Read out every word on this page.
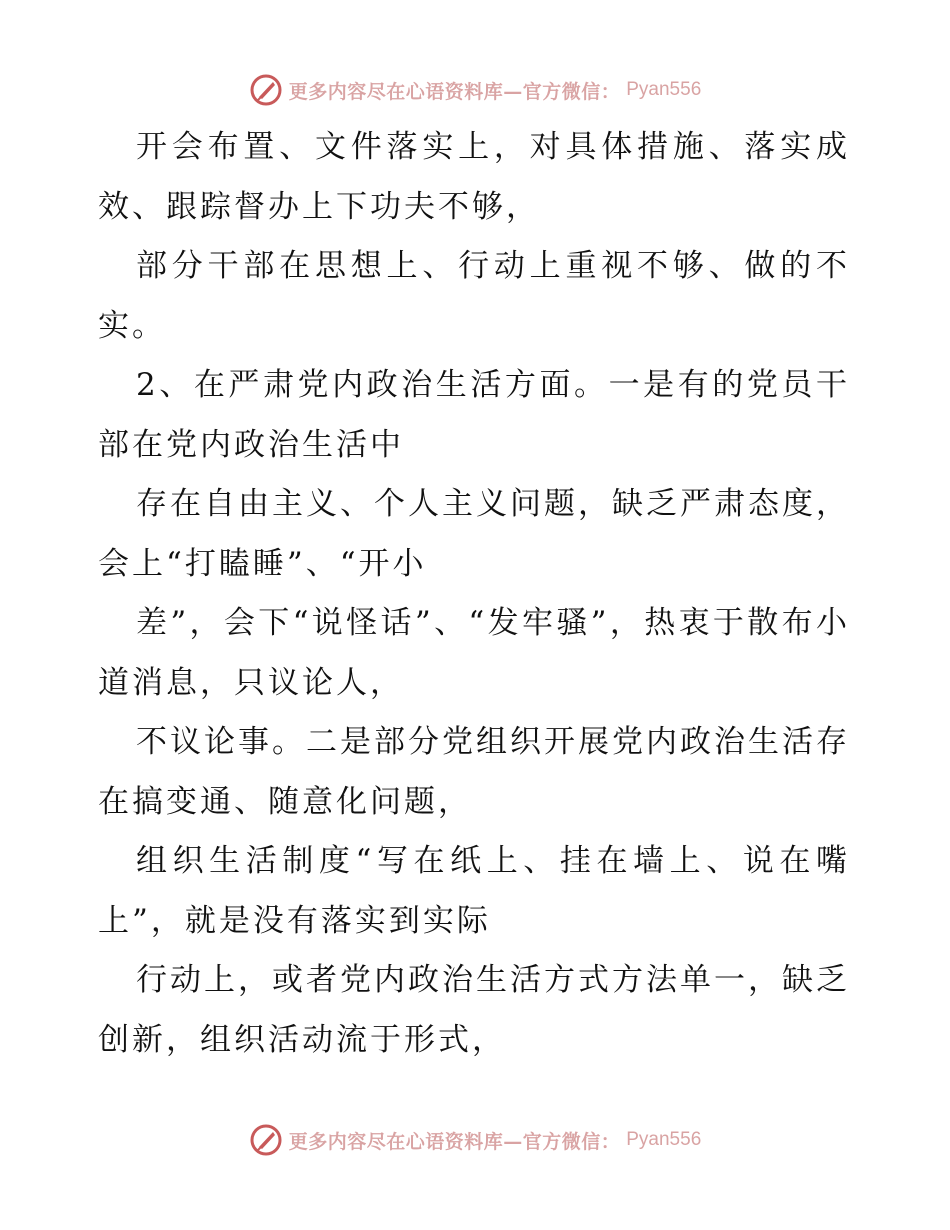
更多内容尽在心语资料库—官方微信： Pyan556

开会布置、文件落实上，对具体措施、落实成效、跟踪督办上下功夫不够，

部分干部在思想上、行动上重视不够、做的不实。

2、在严肃党内政治生活方面。一是有的党员干部在党内政治生活中

存在自由主义、个人主义问题，缺乏严肃态度，会上“打瞌睡”、“开小

差”，会下“说怪话”、“发牢骚”，热衷于散布小道消息，只议论人，

不议论事。二是部分党组织开展党内政治生活存在搞变通、随意化问题，

组织生活制度“写在纸上、挂在墙上、说在嘴上”，就是没有落实到实际

行动上，或者党内政治生活方式方法单一，缺乏创新，组织活动流于形式，

更多内容尽在心语资料库—官方微信： Pyan556
